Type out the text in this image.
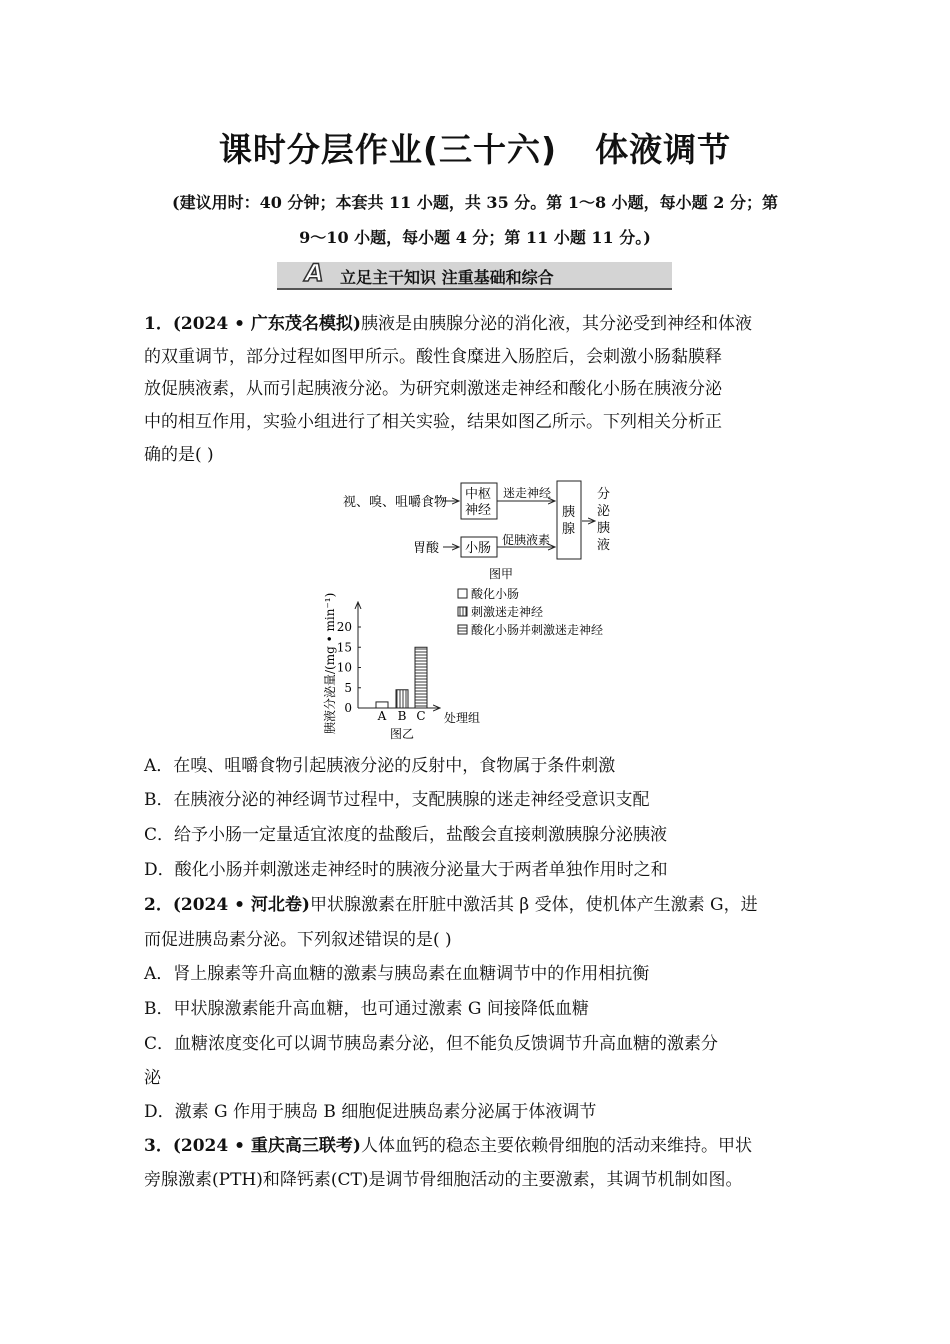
课时分层作业(三十六) 体液调节
(建议用时：40 分钟；本套共 11 小题，共 35 分。第 1～8 小题，每小题 2 分；第
9～10 小题，每小题 4 分；第 11 小题 11 分。)
A 立足主干知识 注重基础和综合
1．(2024 • 广东茂名模拟)胰液是由胰腺分泌的消化液，其分泌受到神经和体液
的双重调节，部分过程如图甲所示。酸性食糜进入肠腔后，会刺激小肠黏膜释
放促胰液素，从而引起胰液分泌。为研究刺激迷走神经和酸化小肠在胰液分泌
中的相互作用，实验小组进行了相关实验，结果如图乙所示。下列相关分析正
确的是( )
视、嗅、咀嚼食物
中枢
神经
迷走神经
胃酸 小肠
促胰液素
胰
腺
分
泌
胰
液
图甲
0
5
10
15
20
A B C 处理组
图乙
胰液分泌量/(mg • min⁻¹)	酸化小肠
刺激迷走神经
酸化小肠并刺激迷走神经
A．在嗅、咀嚼食物引起胰液分泌的反射中，食物属于条件刺激
B．在胰液分泌的神经调节过程中，支配胰腺的迷走神经受意识支配
C．给予小肠一定量适宜浓度的盐酸后，盐酸会直接刺激胰腺分泌胰液
D．酸化小肠并刺激迷走神经时的胰液分泌量大于两者单独作用时之和
2．(2024 • 河北卷)甲状腺激素在肝脏中激活其 β 受体，使机体产生激素 G，进
而促进胰岛素分泌。下列叙述错误的是( )
A．肾上腺素等升高血糖的激素与胰岛素在血糖调节中的作用相抗衡
B．甲状腺激素能升高血糖，也可通过激素 G 间接降低血糖
C．血糖浓度变化可以调节胰岛素分泌，但不能负反馈调节升高血糖的激素分
泌
D．激素 G 作用于胰岛 B 细胞促进胰岛素分泌属于体液调节
3．(2024 • 重庆高三联考)人体血钙的稳态主要依赖骨细胞的活动来维持。甲状
旁腺激素(PTH)和降钙素(CT)是调节骨细胞活动的主要激素，其调节机制如图。
